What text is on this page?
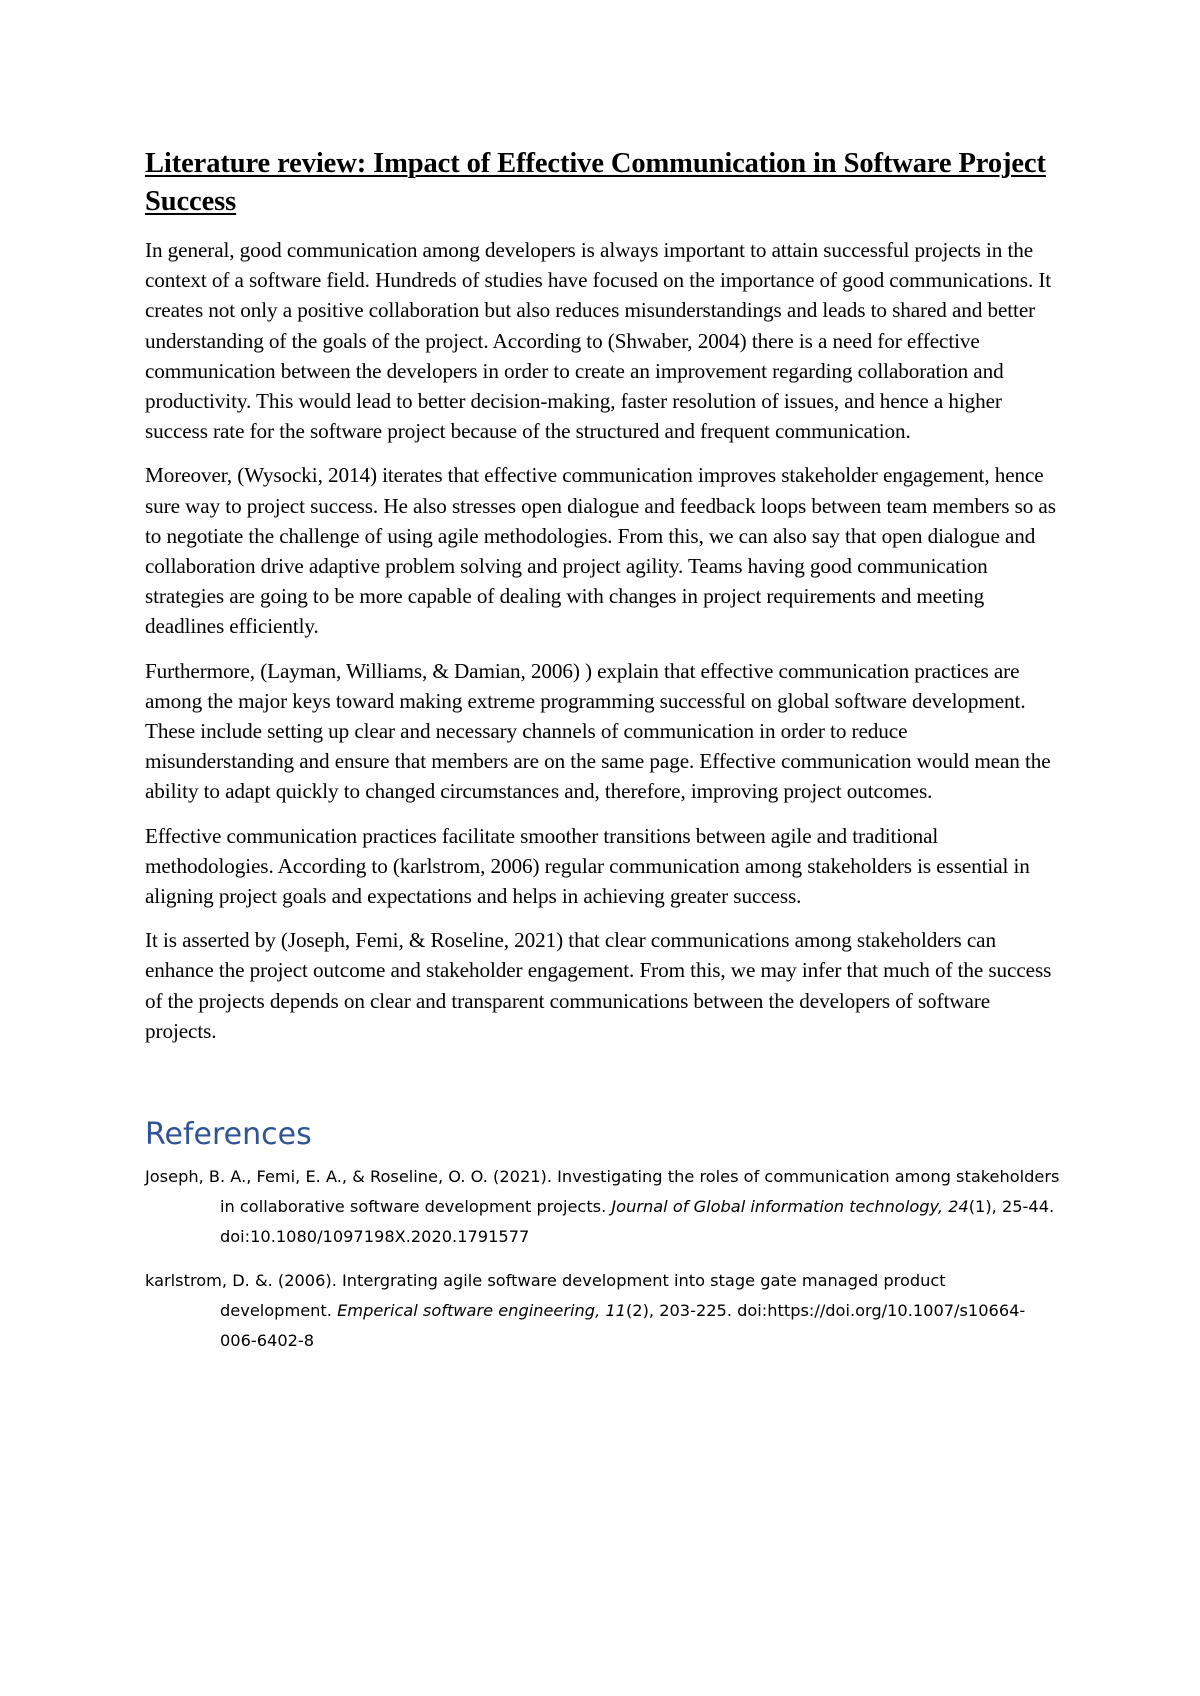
Literature review: Impact of Effective Communication in Software Project Success

In general, good communication among developers is always important to attain successful projects in the context of a software field. Hundreds of studies have focused on the importance of good communications. It creates not only a positive collaboration but also reduces misunderstandings and leads to shared and better understanding of the goals of the project. According to (Shwaber, 2004) there is a need for effective communication between the developers in order to create an improvement regarding collaboration and productivity. This would lead to better decision-making, faster resolution of issues, and hence a higher success rate for the software project because of the structured and frequent communication.

Moreover, (Wysocki, 2014) iterates that effective communication improves stakeholder engagement, hence sure way to project success. He also stresses open dialogue and feedback loops between team members so as to negotiate the challenge of using agile methodologies. From this, we can also say that open dialogue and collaboration drive adaptive problem solving and project agility. Teams having good communication strategies are going to be more capable of dealing with changes in project requirements and meeting deadlines efficiently.

Furthermore, (Layman, Williams, & Damian, 2006) ) explain that effective communication practices are among the major keys toward making extreme programming successful on global software development. These include setting up clear and necessary channels of communication in order to reduce misunderstanding and ensure that members are on the same page. Effective communication would mean the ability to adapt quickly to changed circumstances and, therefore, improving project outcomes.

Effective communication practices facilitate smoother transitions between agile and traditional methodologies. According to (karlstrom, 2006) regular communication among stakeholders is essential in aligning project goals and expectations and helps in achieving greater success.

It is asserted by (Joseph, Femi, & Roseline, 2021) that clear communications among stakeholders can enhance the project outcome and stakeholder engagement. From this, we may infer that much of the success of the projects depends on clear and transparent communications between the developers of software projects.

References
Joseph, B. A., Femi, E. A., & Roseline, O. O. (2021). Investigating the roles of communication among stakeholders in collaborative software development projects. Journal of Global information technology, 24(1), 25-44. doi:10.1080/1097198X.2020.1791577
karlstrom, D. &. (2006). Intergrating agile software development into stage gate managed product development. Emperical software engineering, 11(2), 203-225. doi:https://doi.org/10.1007/s10664-006-6402-8
